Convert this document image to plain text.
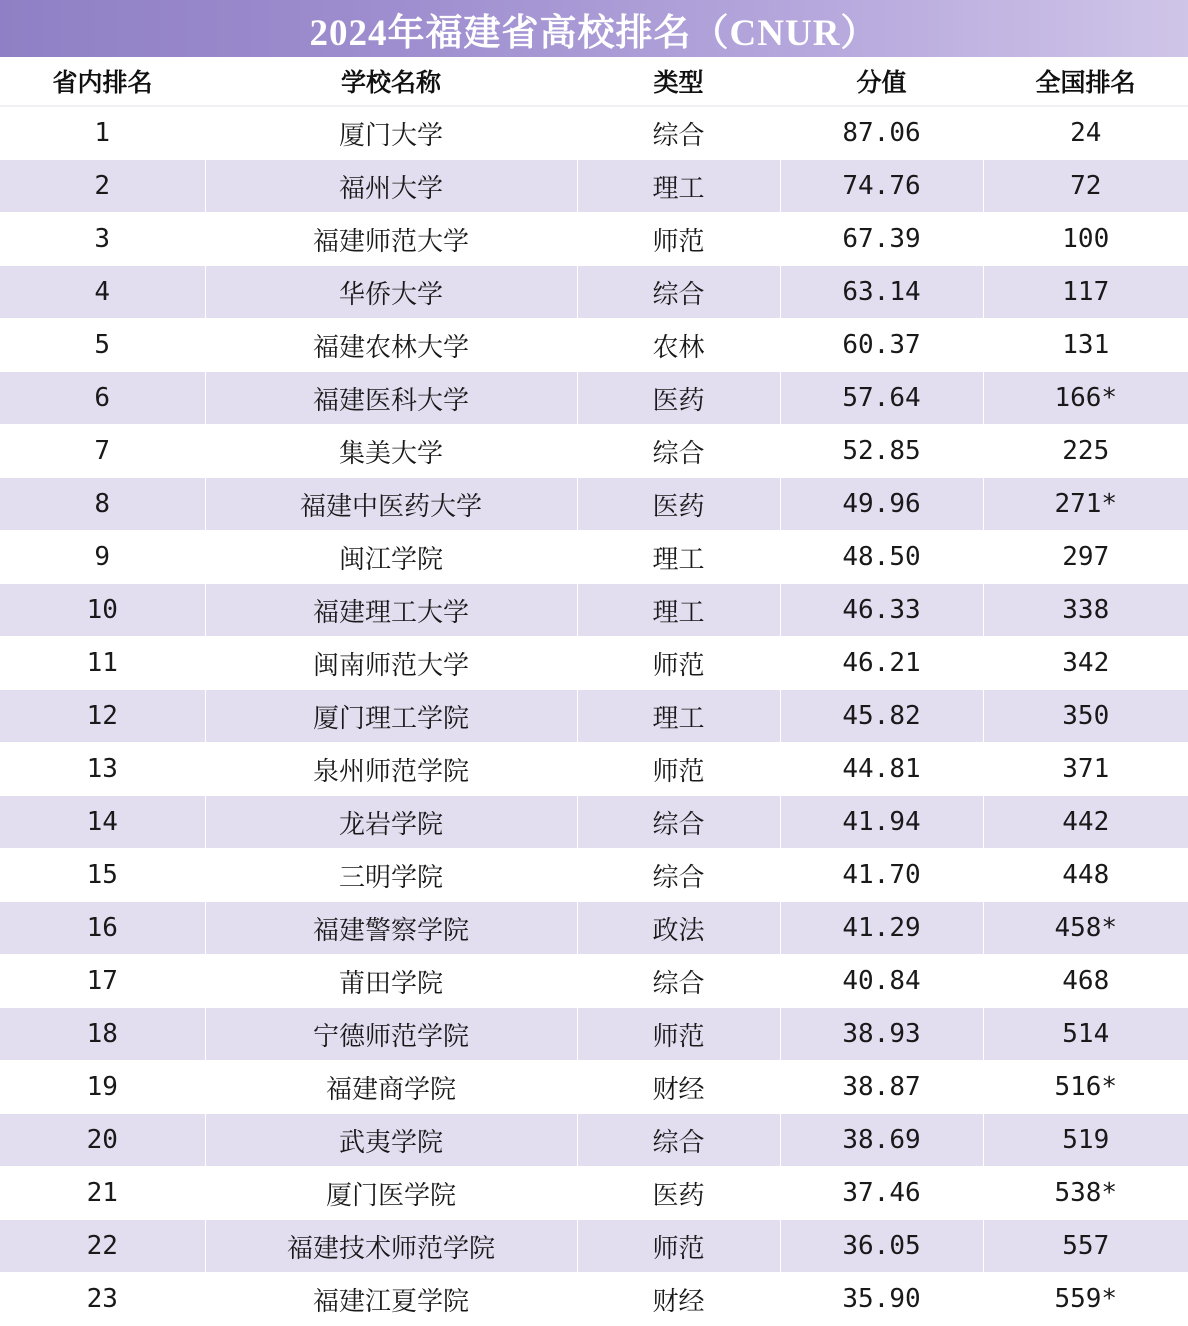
2024年福建省高校排名（CNUR）
省内排名	学校名称	类型	分值	全国排名
1	厦门大学	综合	87.06	24
2	福州大学	理工	74.76	72
3	福建师范大学	师范	67.39	100
4	华侨大学	综合	63.14	117
5	福建农林大学	农林	60.37	131
6	福建医科大学	医药	57.64	166*
7	集美大学	综合	52.85	225
8	福建中医药大学	医药	49.96	271*
9	闽江学院	理工	48.50	297
10	福建理工大学	理工	46.33	338
11	闽南师范大学	师范	46.21	342
12	厦门理工学院	理工	45.82	350
13	泉州师范学院	师范	44.81	371
14	龙岩学院	综合	41.94	442
15	三明学院	综合	41.70	448
16	福建警察学院	政法	41.29	458*
17	莆田学院	综合	40.84	468
18	宁德师范学院	师范	38.93	514
19	福建商学院	财经	38.87	516*
20	武夷学院	综合	38.69	519
21	厦门医学院	医药	37.46	538*
22	福建技术师范学院	师范	36.05	557
23	福建江夏学院	财经	35.90	559*
